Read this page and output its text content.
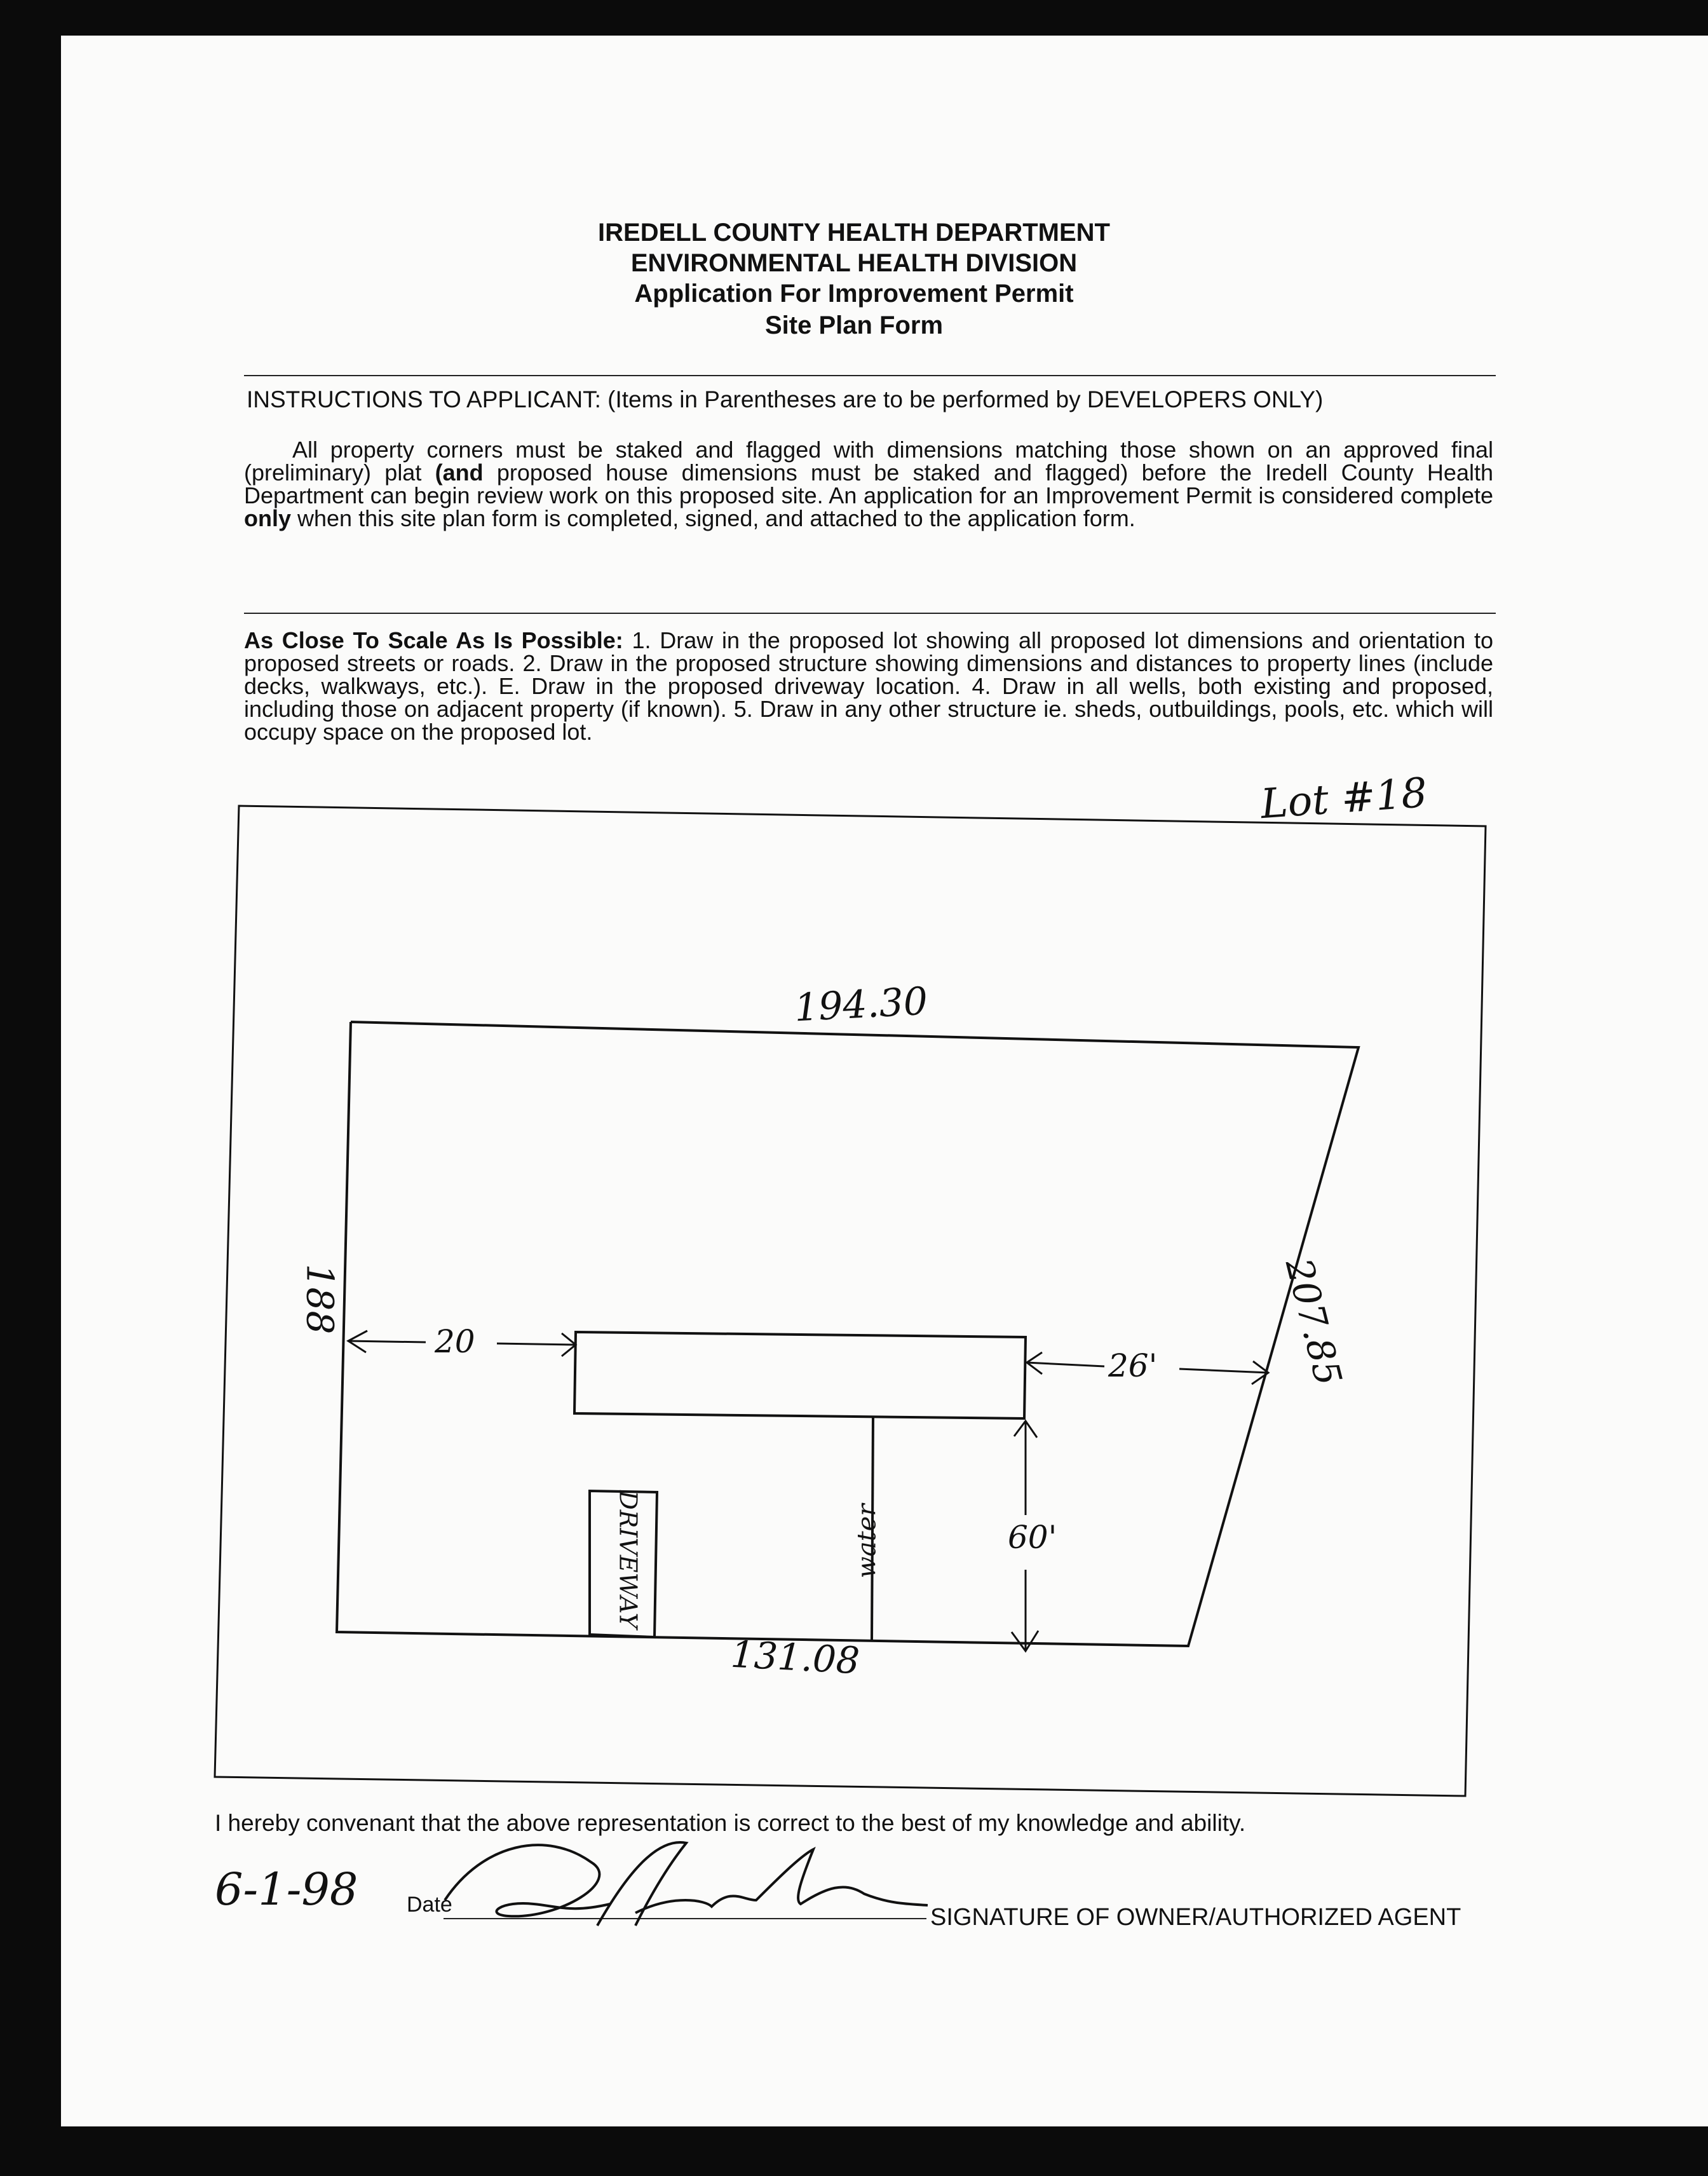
IREDELL COUNTY HEALTH DEPARTMENT
ENVIRONMENTAL HEALTH DIVISION
Application For Improvement Permit
Site Plan Form
INSTRUCTIONS TO APPLICANT: (Items in Parentheses are to be performed by DEVELOPERS ONLY)
All property corners must be staked and flagged with dimensions matching those shown on an approved final (preliminary) plat (and proposed house dimensions must be staked and flagged) before the Iredell County Health Department can begin review work on this proposed site. An application for an Improvement Permit is considered complete only when this site plan form is completed, signed, and attached to the application form.
As Close To Scale As Is Possible: 1. Draw in the proposed lot showing all proposed lot dimensions and orientation to proposed streets or roads. 2. Draw in the proposed structure showing dimensions and distances to property lines (include decks, walkways, etc.). E. Draw in the proposed driveway location. 4. Draw in all wells, both existing and proposed, including those on adjacent property (if known). 5. Draw in any other structure ie. sheds, outbuildings, pools, etc. which will occupy space on the proposed lot.
Lot #18
194.30
188	207.85
131.08
20
26'
60'
DRIVEWAY	water
I hereby convenant that the above representation is correct to the best of my knowledge and ability.
6-1-98 Date	SIGNATURE OF OWNER/AUTHORIZED AGENT
